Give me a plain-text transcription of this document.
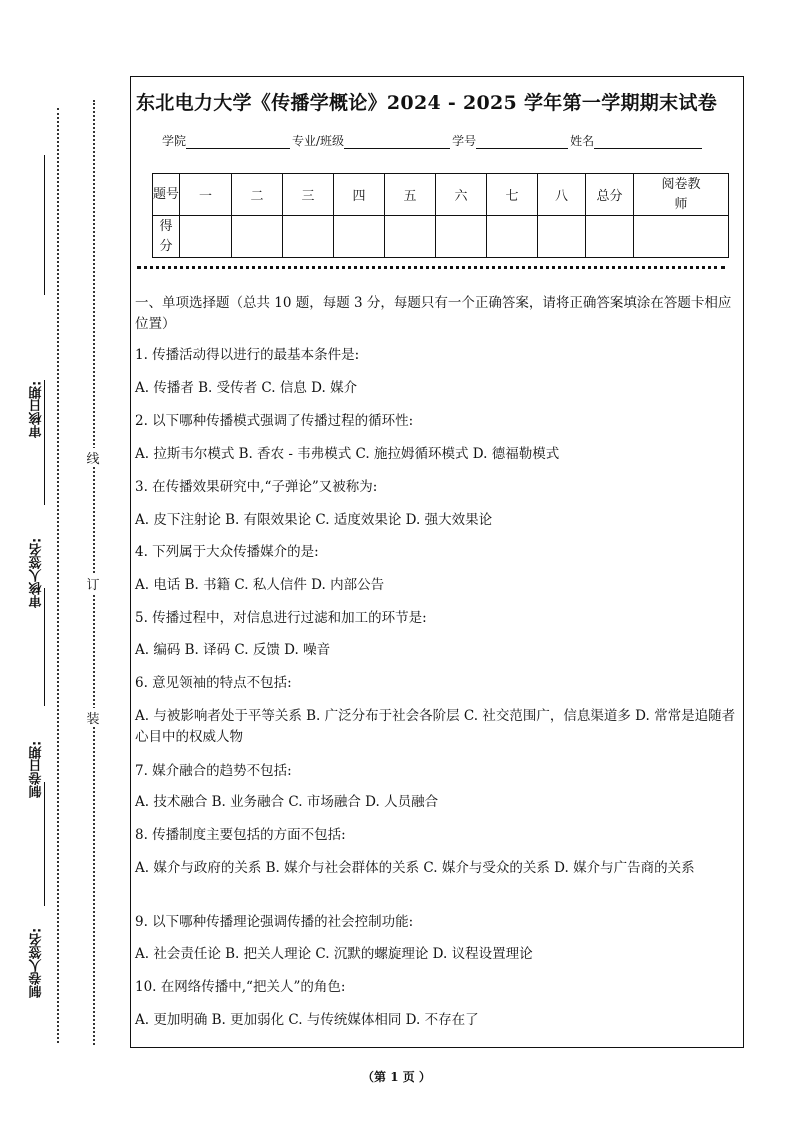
审核日期:
审核人签名:
制卷日期:
制卷人签名:
线
订
装
东北电力大学《传播学概论》2024 - 2025 学年第一学期期末试卷
学院	专业/班级	学号	姓名
题号	一	二	三	四	五	六	七	八	总分	阅卷教师
得分										

一、单项选择题（总共 10 题，每题 3 分，每题只有一个正确答案，请将正确答案填涂在答题卡相应位置）

1. 传播活动得以进行的最基本条件是:

A. 传播者 B. 受传者 C. 信息 D. 媒介

2. 以下哪种传播模式强调了传播过程的循环性:

A. 拉斯韦尔模式 B. 香农 - 韦弗模式 C. 施拉姆循环模式 D. 德福勒模式

3. 在传播效果研究中,“子弹论”又被称为:

A. 皮下注射论 B. 有限效果论 C. 适度效果论 D. 强大效果论

4. 下列属于大众传播媒介的是:

A. 电话 B. 书籍 C. 私人信件 D. 内部公告

5. 传播过程中，对信息进行过滤和加工的环节是:

A. 编码 B. 译码 C. 反馈 D. 噪音

6. 意见领袖的特点不包括:

A. 与被影响者处于平等关系 B. 广泛分布于社会各阶层 C. 社交范围广，信息渠道多 D. 常常是追随者心目中的权威人物

7. 媒介融合的趋势不包括:

A. 技术融合 B. 业务融合 C. 市场融合 D. 人员融合

8. 传播制度主要包括的方面不包括:

A. 媒介与政府的关系 B. 媒介与社会群体的关系 C. 媒介与受众的关系 D. 媒介与广告商的关系

9. 以下哪种传播理论强调传播的社会控制功能:

A. 社会责任论 B. 把关人理论 C. 沉默的螺旋理论 D. 议程设置理论

10. 在网络传播中,“把关人”的角色:

A. 更加明确 B. 更加弱化 C. 与传统媒体相同 D. 不存在了

（第 1 页 ）
